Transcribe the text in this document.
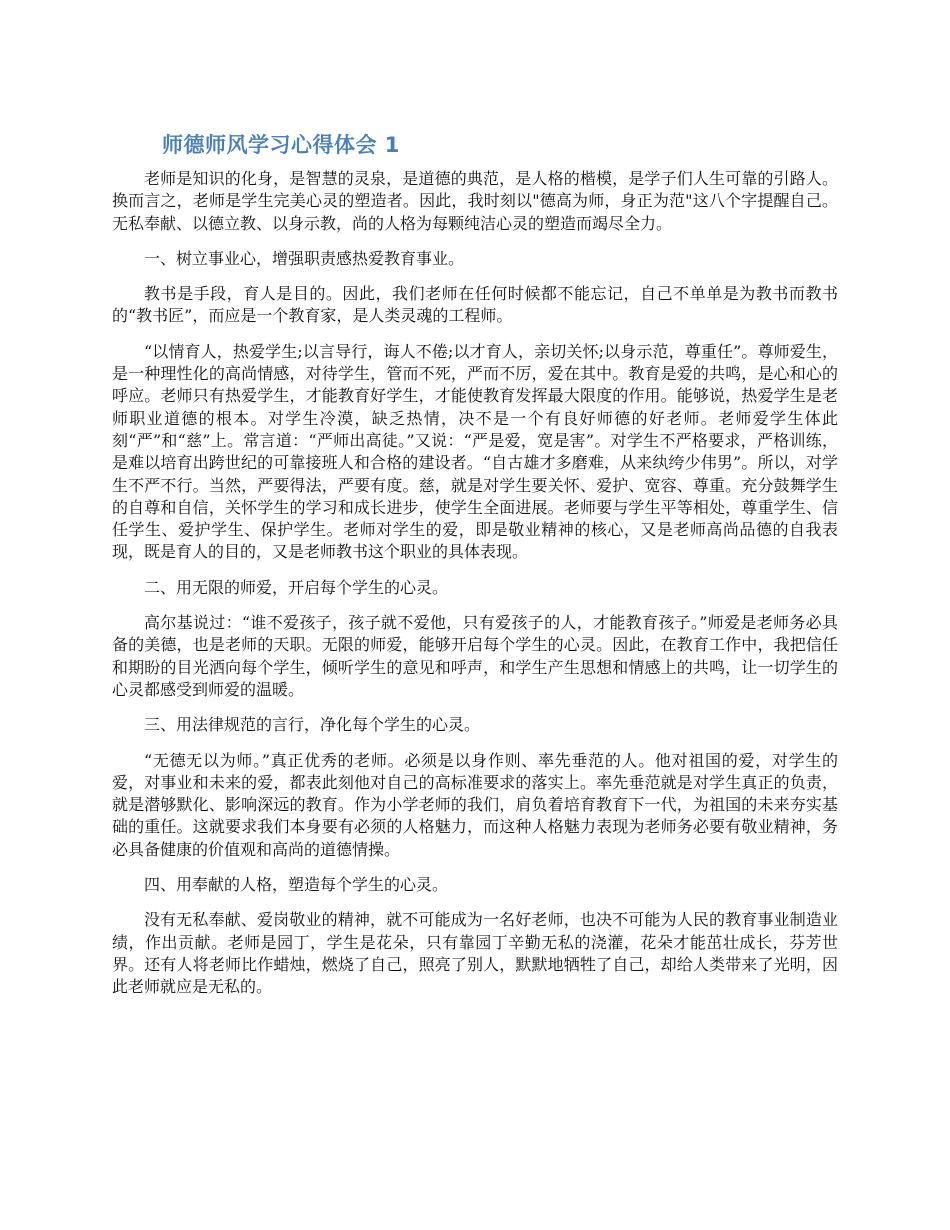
师德师风学习心得体会 1

老师是知识的化身，是智慧的灵泉，是道德的典范，是人格的楷模，是学子们人生可靠的引路人。换而言之，老师是学生完美心灵的塑造者。因此，我时刻以"德高为师，身正为范"这八个字提醒自己。无私奉献、以德立教、以身示教，尚的人格为每颗纯洁心灵的塑造而竭尽全力。

一、树立事业心，增强职责感热爱教育事业。

教书是手段，育人是目的。因此，我们老师在任何时候都不能忘记，自己不单单是为教书而教书的“教书匠”，而应是一个教育家，是人类灵魂的工程师。

“以情育人，热爱学生;以言导行，诲人不倦;以才育人，亲切关怀;以身示范，尊重任”。尊师爱生，是一种理性化的高尚情感，对待学生，管而不死，严而不厉，爱在其中。教育是爱的共鸣，是心和心的呼应。老师只有热爱学生，才能教育好学生，才能使教育发挥最大限度的作用。能够说，热爱学生是老师职业道德的根本。对学生冷漠，缺乏热情，决不是一个有良好师德的好老师。老师爱学生体此刻“严”和“慈”上。常言道：“严师出高徒。”又说：“严是爱，宽是害”。对学生不严格要求，严格训练，是难以培育出跨世纪的可靠接班人和合格的建设者。“自古雄才多磨难，从来纨绔少伟男”。所以，对学生不严不行。当然，严要得法，严要有度。慈，就是对学生要关怀、爱护、宽容、尊重。充分鼓舞学生的自尊和自信，关怀学生的学习和成长进步，使学生全面进展。老师要与学生平等相处，尊重学生、信任学生、爱护学生、保护学生。老师对学生的爱，即是敬业精神的核心，又是老师高尚品德的自我表现，既是育人的目的，又是老师教书这个职业的具体表现。

二、用无限的师爱，开启每个学生的心灵。

高尔基说过：“谁不爱孩子，孩子就不爱他，只有爱孩子的人，才能教育孩子。”师爱是老师务必具备的美德，也是老师的天职。无限的师爱，能够开启每个学生的心灵。因此，在教育工作中，我把信任和期盼的目光洒向每个学生，倾听学生的意见和呼声，和学生产生思想和情感上的共鸣，让一切学生的心灵都感受到师爱的温暖。

三、用法律规范的言行，净化每个学生的心灵。

“无德无以为师。”真正优秀的老师。必须是以身作则、率先垂范的人。他对祖国的爱，对学生的爱，对事业和未来的爱，都表此刻他对自己的高标准要求的落实上。率先垂范就是对学生真正的负责，就是潜够默化、影响深远的教育。作为小学老师的我们，肩负着培育教育下一代，为祖国的未来夯实基础的重任。这就要求我们本身要有必须的人格魅力，而这种人格魅力表现为老师务必要有敬业精神，务必具备健康的价值观和高尚的道德情操。

四、用奉献的人格，塑造每个学生的心灵。

没有无私奉献、爱岗敬业的精神，就不可能成为一名好老师，也决不可能为人民的教育事业制造业绩，作出贡献。老师是园丁，学生是花朵，只有靠园丁辛勤无私的浇灌，花朵才能茁壮成长，芬芳世界。还有人将老师比作蜡烛，燃烧了自己，照亮了别人，默默地牺牲了自己，却给人类带来了光明，因此老师就应是无私的。
